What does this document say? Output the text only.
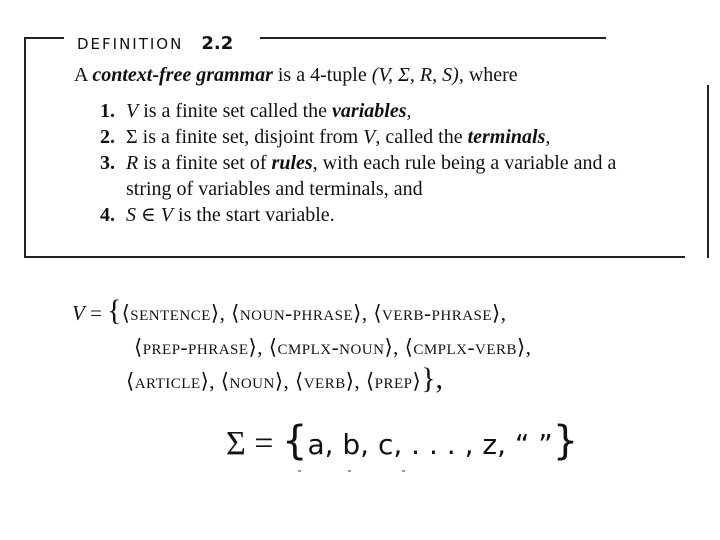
DEFINITION 2.2
A context-free grammar is a 4-tuple (V, Σ, R, S), where
1. V is a finite set called the variables,
2. Σ is a finite set, disjoint from V, called the terminals,
3. R is a finite set of rules, with each rule being a variable and a
string of variables and terminals, and
4. S ∈ V is the start variable.
V = {⟨sentence⟩, ⟨noun-phrase⟩, ⟨verb-phrase⟩,
⟨prep-phrase⟩, ⟨cmplx-noun⟩, ⟨cmplx-verb⟩,
⟨article⟩, ⟨noun⟩, ⟨verb⟩, ⟨prep⟩},
Σ = {a, b, c, . . . , z, “ ”}
